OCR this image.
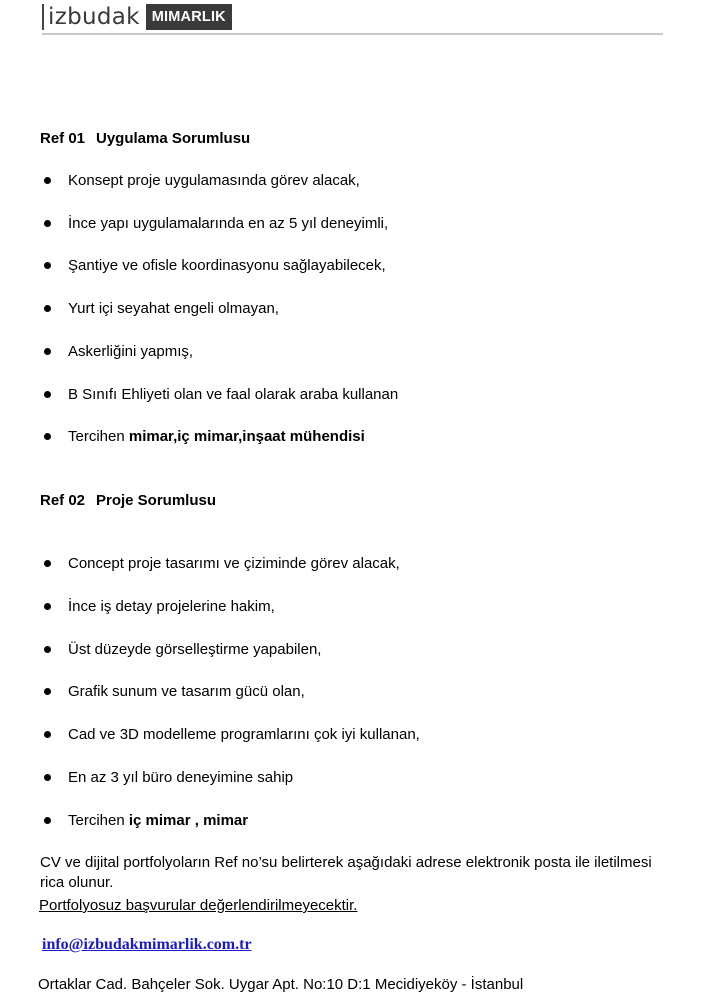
izbudak MIMARLIK
Ref 01 Uygulama Sorumlusu
Konsept proje uygulamasında görev alacak,
İnce yapı uygulamalarında en az 5 yıl deneyimli,
Şantiye ve ofisle koordinasyonu sağlayabilecek,
Yurt içi seyahat engeli olmayan,
Askerliğini yapmış,
B Sınıfı Ehliyeti olan ve faal olarak araba kullanan
Tercihen mimar,iç mimar,inşaat mühendisi
Ref 02 Proje Sorumlusu
Concept proje tasarımı ve çiziminde görev alacak,
İnce iş detay projelerine hakim,
Üst düzeyde görselleştirme yapabilen,
Grafik sunum ve tasarım gücü olan,
Cad ve 3D modelleme programlarını çok iyi kullanan,
En az 3 yıl büro deneyimine sahip
Tercihen iç mimar , mimar
CV ve dijital portfolyoların Ref no’su belirterek aşağıdaki adrese elektronik posta ile iletilmesi rica olunur.
Portfolyosuz başvurular değerlendirilmeyecektir.
info@izbudakmimarlik.com.tr
Ortaklar Cad. Bahçeler Sok. Uygar Apt. No:10 D:1 Mecidiyeköy - İstanbul
